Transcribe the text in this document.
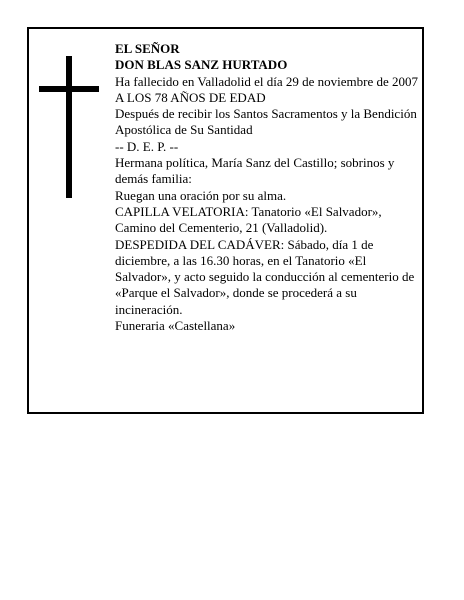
EL SEÑOR

DON BLAS SANZ HURTADO

Ha fallecido en Valladolid el día 29 de noviembre de 2007

A LOS 78 AÑOS DE EDAD

Después de recibir los Santos Sacramentos y la Bendición Apostólica de Su Santidad

-- D. E. P. --

Hermana política, María Sanz del Castillo; sobrinos y demás familia:

Ruegan una oración por su alma.

CAPILLA VELATORIA: Tanatorio «El Salvador», Camino del Cementerio, 21 (Valladolid).

DESPEDIDA DEL CADÁVER: Sábado, día 1 de diciembre, a las 16.30 horas, en el Tanatorio «El Salvador», y acto seguido la conducción al cementerio de «Parque el Salvador», donde se procederá a su incineración.

Funeraria «Castellana»
